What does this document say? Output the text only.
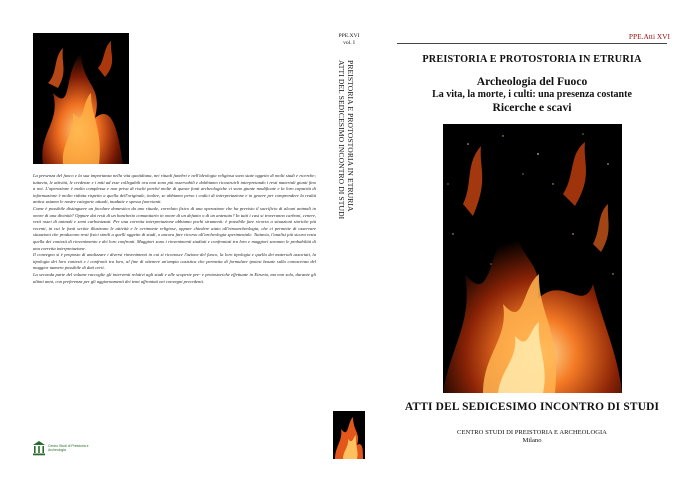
La presenza del fuoco e la sua importanza nella vita quotidiana, nei rituali funebri e nell'ideologia religiosa sono state oggetto di molti studi e ricerche; tuttavia, le attività, le credenze e i miti ad esse collegabili ora non sono più osservabili e dobbiamo ricostruirli interpretando i resti materiali giunti fino a noi. L'operazione è molto complessa e non priva di rischi perché molte di queste fonti archeologiche ci sono giunte modificate e la loro capacità di informazione è molto ridotta rispetto a quella dell'originale, inoltre, se abbiamo perso i codici di interpretazione e in genere per comprendere la realtà antica usiamo le nostre categorie attuali, inadatte e spesso fuorvianti.

Come è possibile distinguere un focolare domestico da uno rituale, correlato fisico di una operazione che ha previsto il sacrificio di alcuni animali in onore di una divinità? Oppure dai resti di un banchetto comunitario in onore di un defunto o di un antenato? In tutti i casi si troveranno carboni, cenere, resti ossei di animali e semi carbonizzati. Per una corretta interpretazione abbiamo pochi strumenti: è possibile fare ricorso a situazioni storiche più recenti, in cui le fonti scritte illustrano le attività e le cerimonie religiose, oppure chiedere aiuto all'etnoarcheologia, che ci permette di osservare situazioni che producono resti fisici simili a quelli oggetto di studi, o ancora fare ricorso all'archeologia sperimentale. Tuttavia, l'analisi più sicura resta quella dei contesti di rinvenimento e dei loro confronti. Maggiori sono i rinvenimenti studiati e confrontati tra loro e maggiori saranno le probabilità di una corretta interpretazione.

Il convegno si è proposto di analizzare i diversi rinvenimenti in cui si riconosce l'azione del fuoco, la loro tipologia e quella dei materiali associati, la tipologia dei loro contesti e i confronti tra loro, al fine di ottenere un'ampia casistica che permetta di formulare ipotesi basate sulla conoscenza del maggior numero possibile di dati certi.

La seconda parte del volume raccoglie gli interventi relativi agli studi e alle scoperte pre- e protostoriche effettuate in Etruria, ma non solo, durante gli ultimi anni, con preferenza per gli aggiornamenti dei temi affrontati nei convegni precedenti.

Centro Studi di Preistoria e Archeologia
PPE.XVI
vol. I
PREISTORIA E PROTOSTORIA IN ETRURIA
ATTI DEL SEDICESIMO INCONTRO DI STUDI
PPE.Atti XVI
PREISTORIA E PROTOSTORIA IN ETRURIA
Archeologia del Fuoco
La vita, la morte, i culti: una presenza costante
Ricerche e scavi
ATTI DEL SEDICESIMO INCONTRO DI STUDI
CENTRO STUDI DI PREISTORIA E ARCHEOLOGIA
Milano
